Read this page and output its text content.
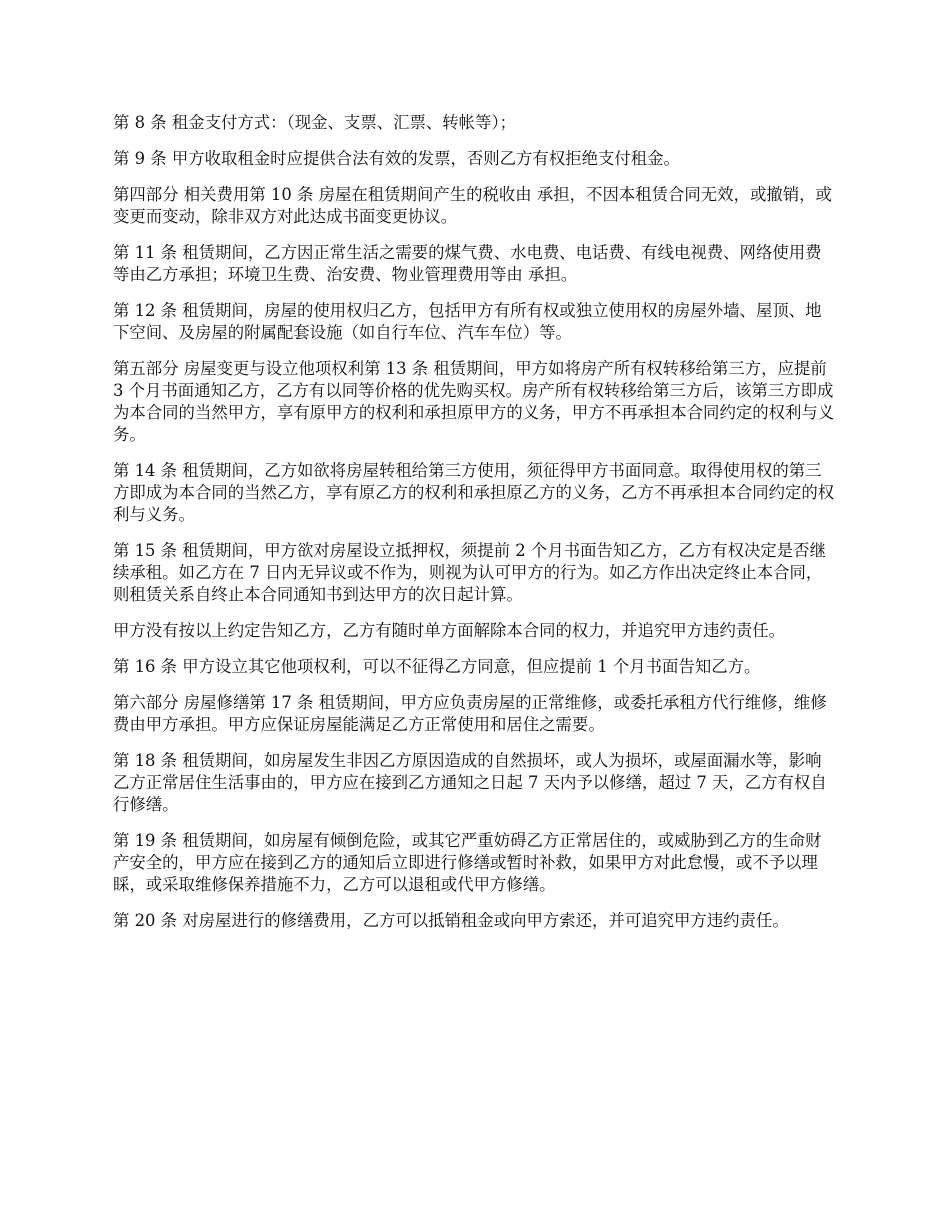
第 8 条 租金支付方式：（现金、支票、汇票、转帐等）；

第 9 条 甲方收取租金时应提供合法有效的发票，否则乙方有权拒绝支付租金。

第四部分 相关费用第 10 条 房屋在租赁期间产生的税收由 承担，不因本租赁合同无效，或撤销，或变更而变动，除非双方对此达成书面变更协议。

第 11 条 租赁期间，乙方因正常生活之需要的煤气费、水电费、电话费、有线电视费、网络使用费等由乙方承担；环境卫生费、治安费、物业管理费用等由 承担。

第 12 条 租赁期间，房屋的使用权归乙方，包括甲方有所有权或独立使用权的房屋外墙、屋顶、地下空间、及房屋的附属配套设施（如自行车位、汽车车位）等。

第五部分 房屋变更与设立他项权利第 13 条 租赁期间，甲方如将房产所有权转移给第三方，应提前 3 个月书面通知乙方，乙方有以同等价格的优先购买权。房产所有权转移给第三方后，该第三方即成为本合同的当然甲方，享有原甲方的权利和承担原甲方的义务，甲方不再承担本合同约定的权利与义务。

第 14 条 租赁期间，乙方如欲将房屋转租给第三方使用，须征得甲方书面同意。取得使用权的第三方即成为本合同的当然乙方，享有原乙方的权利和承担原乙方的义务，乙方不再承担本合同约定的权利与义务。

第 15 条 租赁期间，甲方欲对房屋设立抵押权，须提前 2 个月书面告知乙方，乙方有权决定是否继续承租。如乙方在 7 日内无异议或不作为，则视为认可甲方的行为。如乙方作出决定终止本合同，则租赁关系自终止本合同通知书到达甲方的次日起计算。

甲方没有按以上约定告知乙方，乙方有随时单方面解除本合同的权力，并追究甲方违约责任。

第 16 条 甲方设立其它他项权利，可以不征得乙方同意，但应提前 1 个月书面告知乙方。

第六部分 房屋修缮第 17 条 租赁期间，甲方应负责房屋的正常维修，或委托承租方代行维修，维修费由甲方承担。甲方应保证房屋能满足乙方正常使用和居住之需要。

第 18 条 租赁期间，如房屋发生非因乙方原因造成的自然损坏，或人为损坏，或屋面漏水等，影响乙方正常居住生活事由的，甲方应在接到乙方通知之日起 7 天内予以修缮，超过 7 天，乙方有权自行修缮。

第 19 条 租赁期间，如房屋有倾倒危险，或其它严重妨碍乙方正常居住的，或威胁到乙方的生命财产安全的，甲方应在接到乙方的通知后立即进行修缮或暂时补救，如果甲方对此怠慢，或不予以理睬，或采取维修保养措施不力，乙方可以退租或代甲方修缮。

第 20 条 对房屋进行的修缮费用，乙方可以抵销租金或向甲方索还，并可追究甲方违约责任。
